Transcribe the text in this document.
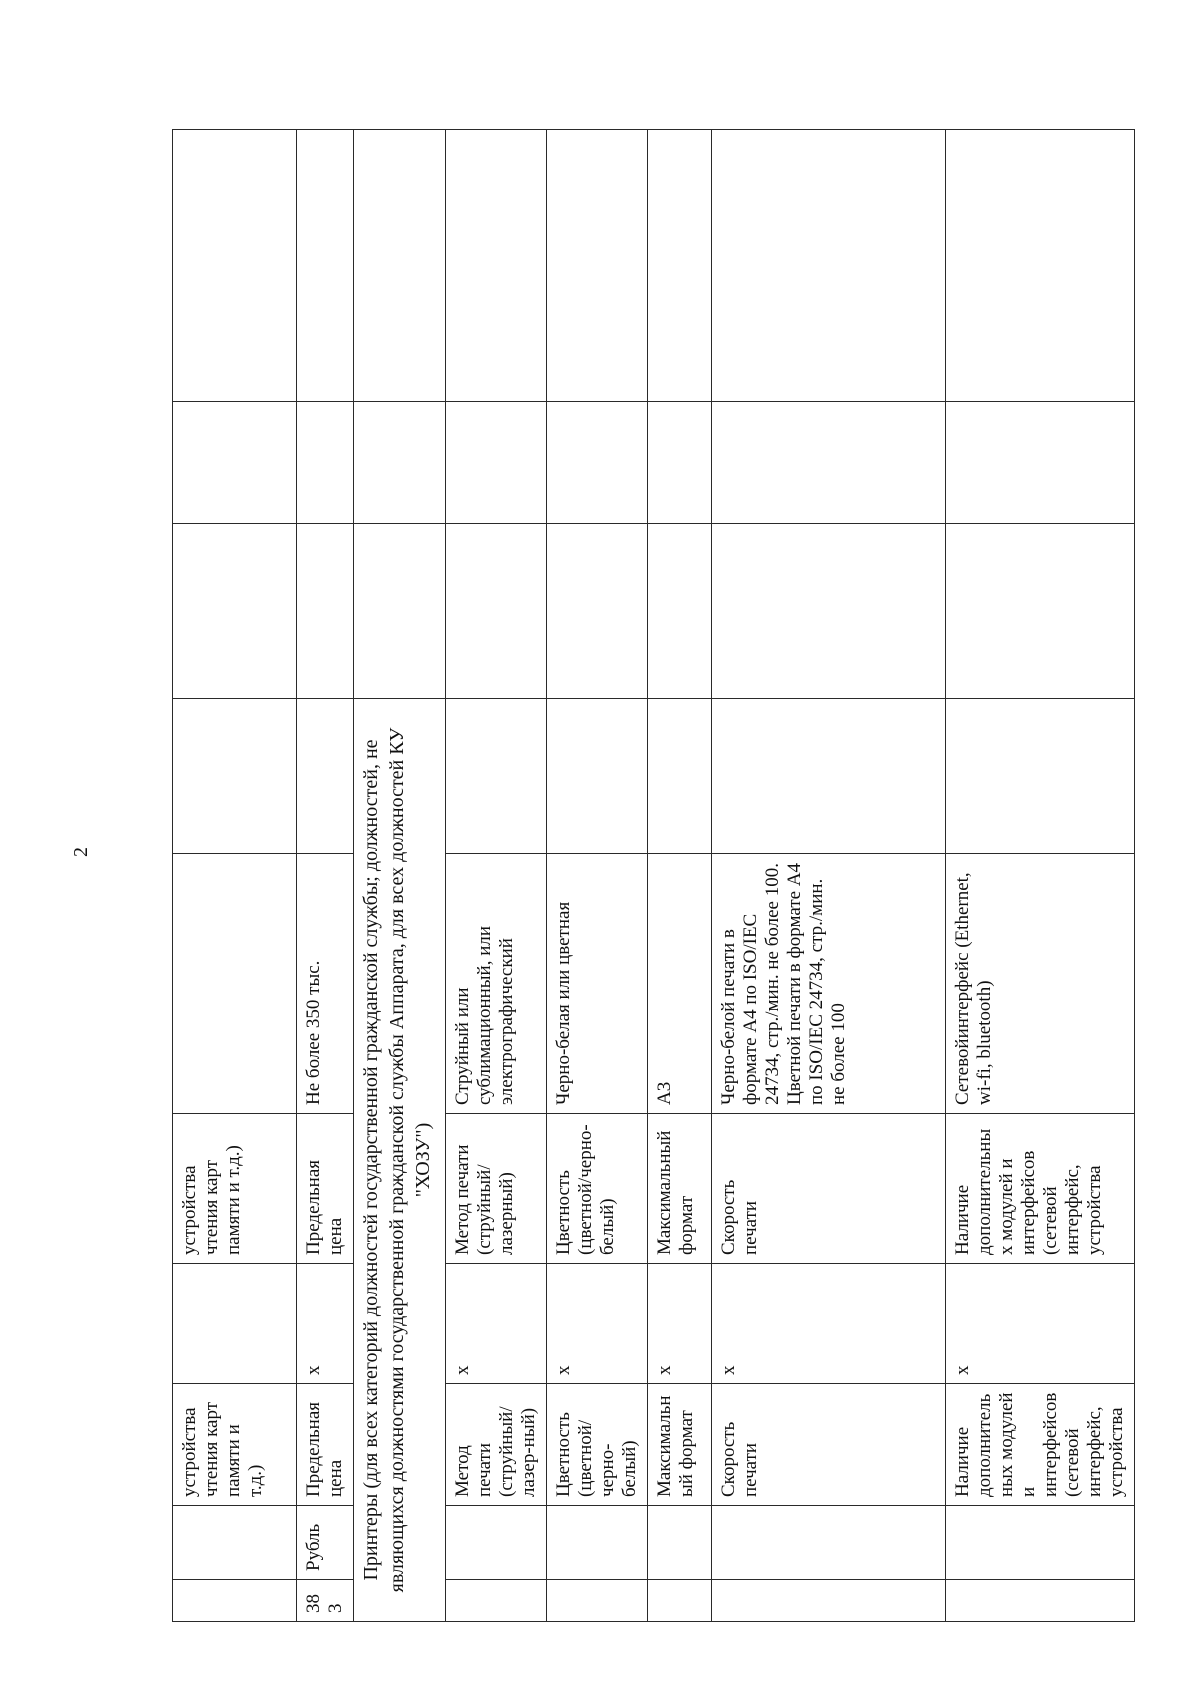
2
		устройства чтения карт памяти и т.д.)		устройства чтения карт памяти и т.д.)					
383	Рубль	Предельная цена	x	Предельная цена	Не более 350 тыс.				
Принтеры (для всех категорий должностей государственной гражданской службы; должностей, не являющихся должностями государственной гражданской службы Аппарата, для всех должностей КУ "ХОЗУ")									
		Метод печати (струйный/лазер-ный)	x	Метод печати (струйный/ лазерный)	Струйный или сублимационный, или электрографический				
		Цветность (цветной/черно-белый)	x	Цветность (цветной/черно-белый)	Черно-белая или цветная				
		Максимальный формат	x	Максимальный формат	А3				
		Скорость печати	x	Скорость печати	Черно-белой печати в формате А4 по ISO/IEC 24734, стр./мин. не более 100. Цветной печати в формате А4 по ISO/IEC 24734, стр./мин. не более 100				

		Наличие дополнительных модулей и интерфейсов (сетевой интерфейс, устройства	x	Наличие дополнительных модулей и интерфейсов (сетевой интерфейс, устройства	Сетевойинтерфейс (Ethernet, wi-fi, bluetooth)				
